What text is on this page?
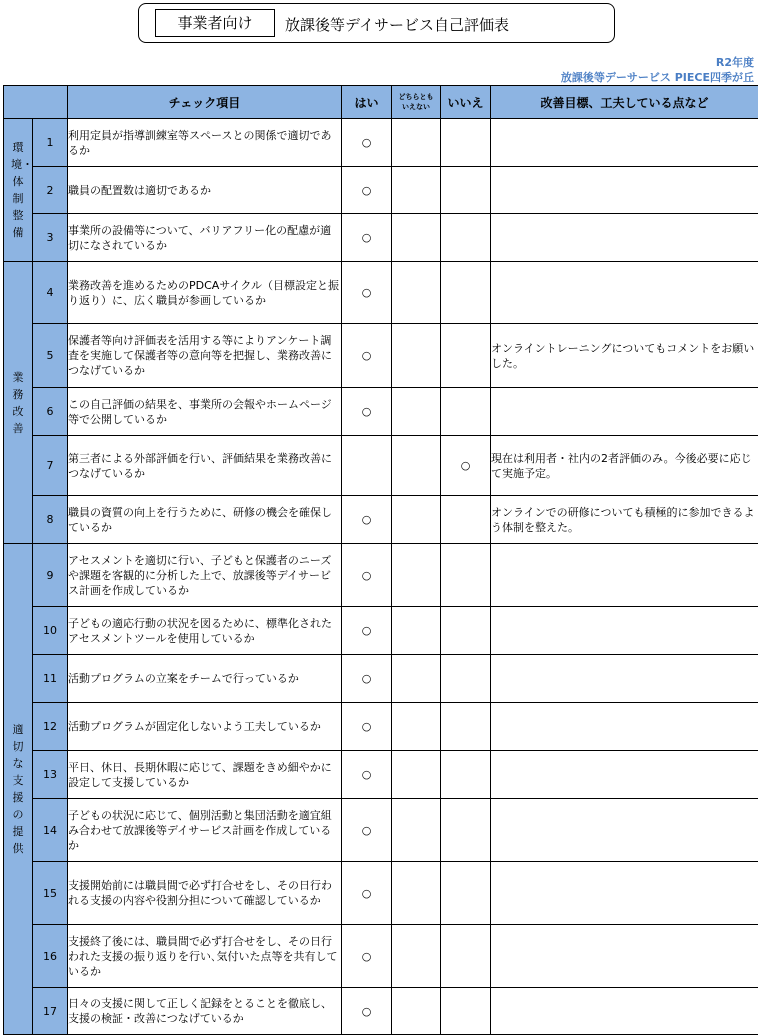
事業者向け	放課後等デイサービス自己評価表
R2年度
放課後等デーサービス PIECE四季が丘
		チェック項目	はい	どちらとも
いえない	いいえ	改善目標、工夫している点など
環境・体制整備	1	利用定員が指導訓練室等スペースとの関係で適切であるか	○			
	2	職員の配置数は適切であるか	○			
	3	事業所の設備等について、バリアフリー化の配慮が適切になされているか	○			
業務改善	4	業務改善を進めるためのPDCAサイクル（目標設定と振り返り）に、広く職員が参画しているか	○			
	5	保護者等向け評価表を活用する等によりアンケート調査を実施して保護者等の意向等を把握し、業務改善につなげているか	○			オンライントレーニングについてもコメントをお願いした。
	6	この自己評価の結果を、事業所の会報やホームページ等で公開しているか	○			
	7	第三者による外部評価を行い、評価結果を業務改善につなげているか			○	現在は利用者・社内の2者評価のみ。今後必要に応じて実施予定。
	8	職員の資質の向上を行うために、研修の機会を確保しているか	○			オンラインでの研修についても積極的に参加できるよう体制を整えた。
適切な支援の提供	9	アセスメントを適切に行い、子どもと保護者のニーズや課題を客観的に分析した上で、放課後等デイサービス計画を作成しているか	○			
	10	子どもの適応行動の状況を図るために、標準化されたアセスメントツールを使用しているか	○			
	11	活動プログラムの立案をチームで行っているか	○			
	12	活動プログラムが固定化しないよう工夫しているか	○			
	13	平日、休日、長期休暇に応じて、課題をきめ細やかに設定して支援しているか	○			
	14	子どもの状況に応じて、個別活動と集団活動を適宜組み合わせて放課後等デイサービス計画を作成しているか	○			
	15	支援開始前には職員間で必ず打合せをし、その日行われる支援の内容や役割分担について確認しているか	○			
	16	支援終了後には、職員間で必ず打合せをし、その日行われた支援の振り返りを行い､気付いた点等を共有しているか	○			
	17	日々の支援に関して正しく記録をとることを徹底し、支援の検証・改善につなげているか	○			
